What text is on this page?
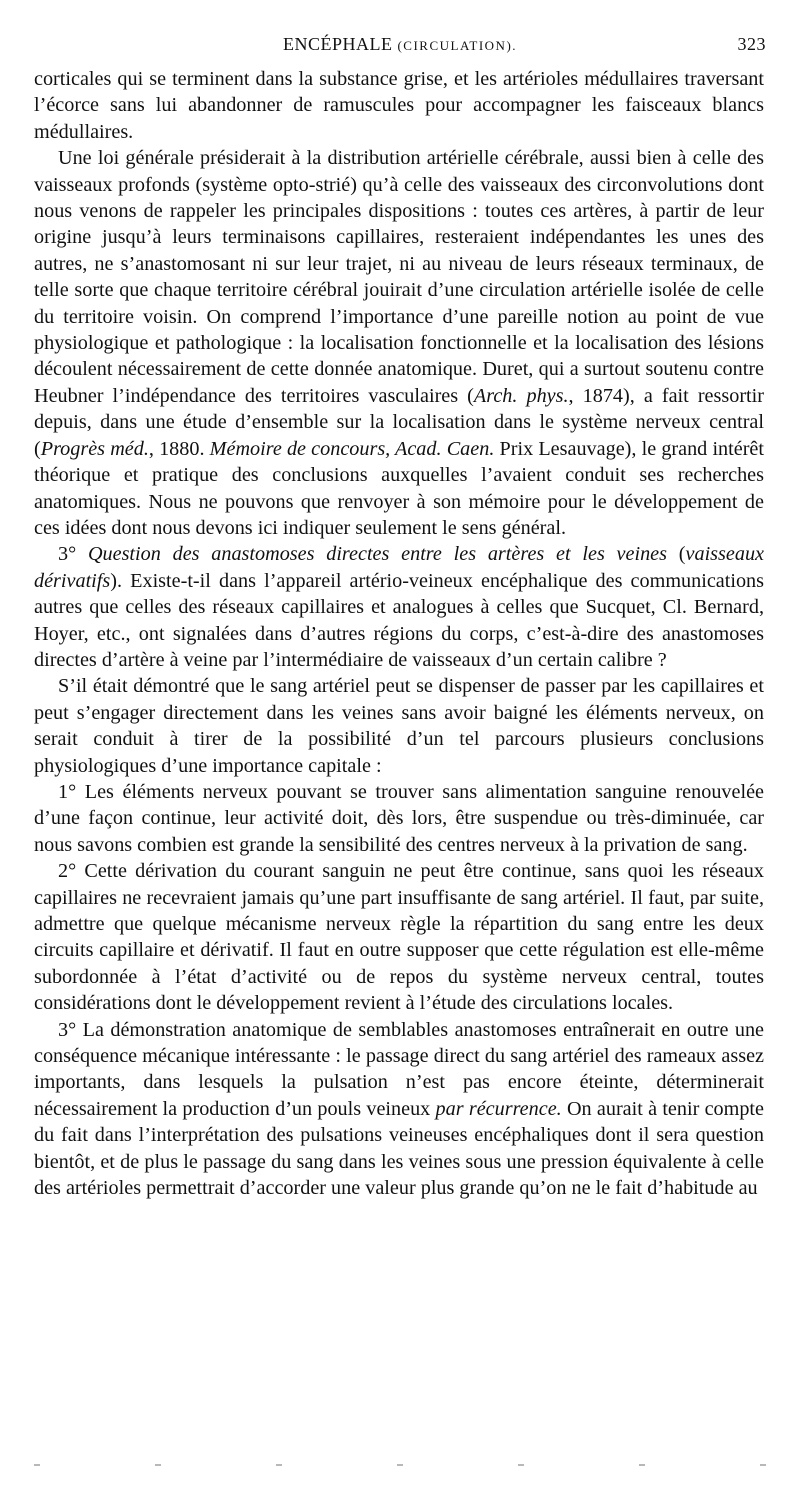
ENCÉPHALE (CIRCULATION).	323

corticales qui se terminent dans la substance grise, et les artérioles médullaires traversant l’écorce sans lui abandonner de ramuscules pour accompagner les faisceaux blancs médullaires.

Une loi générale présiderait à la distribution artérielle cérébrale, aussi bien à celle des vaisseaux profonds (système opto-strié) qu’à celle des vaisseaux des circonvolutions dont nous venons de rappeler les principales dispositions : toutes ces artères, à partir de leur origine jusqu’à leurs terminaisons capillaires, resteraient indépendantes les unes des autres, ne s’anastomosant ni sur leur trajet, ni au niveau de leurs réseaux terminaux, de telle sorte que chaque territoire cérébral jouirait d’une circulation artérielle isolée de celle du territoire voisin. On comprend l’importance d’une pareille notion au point de vue physiologique et pathologique : la localisation fonctionnelle et la localisation des lésions découlent nécessairement de cette donnée anatomique. Duret, qui a surtout soutenu contre Heubner l’indépendance des territoires vasculaires (Arch. phys., 1874), a fait ressortir depuis, dans une étude d’ensemble sur la localisation dans le système nerveux central (Progrès méd., 1880. Mémoire de concours, Acad. Caen. Prix Lesauvage), le grand intérêt théorique et pratique des conclusions auxquelles l’avaient conduit ses recherches anatomiques. Nous ne pouvons que renvoyer à son mémoire pour le développement de ces idées dont nous devons ici indiquer seulement le sens général.

3° Question des anastomoses directes entre les artères et les veines (vaisseaux dérivatifs). Existe-t-il dans l’appareil artério-veineux encéphalique des communications autres que celles des réseaux capillaires et analogues à celles que Sucquet, Cl. Bernard, Hoyer, etc., ont signalées dans d’autres régions du corps, c’est-à-dire des anastomoses directes d’artère à veine par l’intermédiaire de vaisseaux d’un certain calibre ?

S’il était démontré que le sang artériel peut se dispenser de passer par les capillaires et peut s’engager directement dans les veines sans avoir baigné les éléments nerveux, on serait conduit à tirer de la possibilité d’un tel parcours plusieurs conclusions physiologiques d’une importance capitale :

1° Les éléments nerveux pouvant se trouver sans alimentation sanguine renouvelée d’une façon continue, leur activité doit, dès lors, être suspendue ou très-diminuée, car nous savons combien est grande la sensibilité des centres nerveux à la privation de sang.

2° Cette dérivation du courant sanguin ne peut être continue, sans quoi les réseaux capillaires ne recevraient jamais qu’une part insuffisante de sang artériel. Il faut, par suite, admettre que quelque mécanisme nerveux règle la répartition du sang entre les deux circuits capillaire et dérivatif. Il faut en outre supposer que cette régulation est elle-même subordonnée à l’état d’activité ou de repos du système nerveux central, toutes considérations dont le développement revient à l’étude des circulations locales.

3° La démonstration anatomique de semblables anastomoses entraînerait en outre une conséquence mécanique intéressante : le passage direct du sang artériel des rameaux assez importants, dans lesquels la pulsation n’est pas encore éteinte, déterminerait nécessairement la production d’un pouls veineux par récurrence. On aurait à tenir compte du fait dans l’interprétation des pulsations veineuses encéphaliques dont il sera question bientôt, et de plus le passage du sang dans les veines sous une pression équivalente à celle des artérioles permettrait d’accorder une valeur plus grande qu’on ne le fait d’habitude au
